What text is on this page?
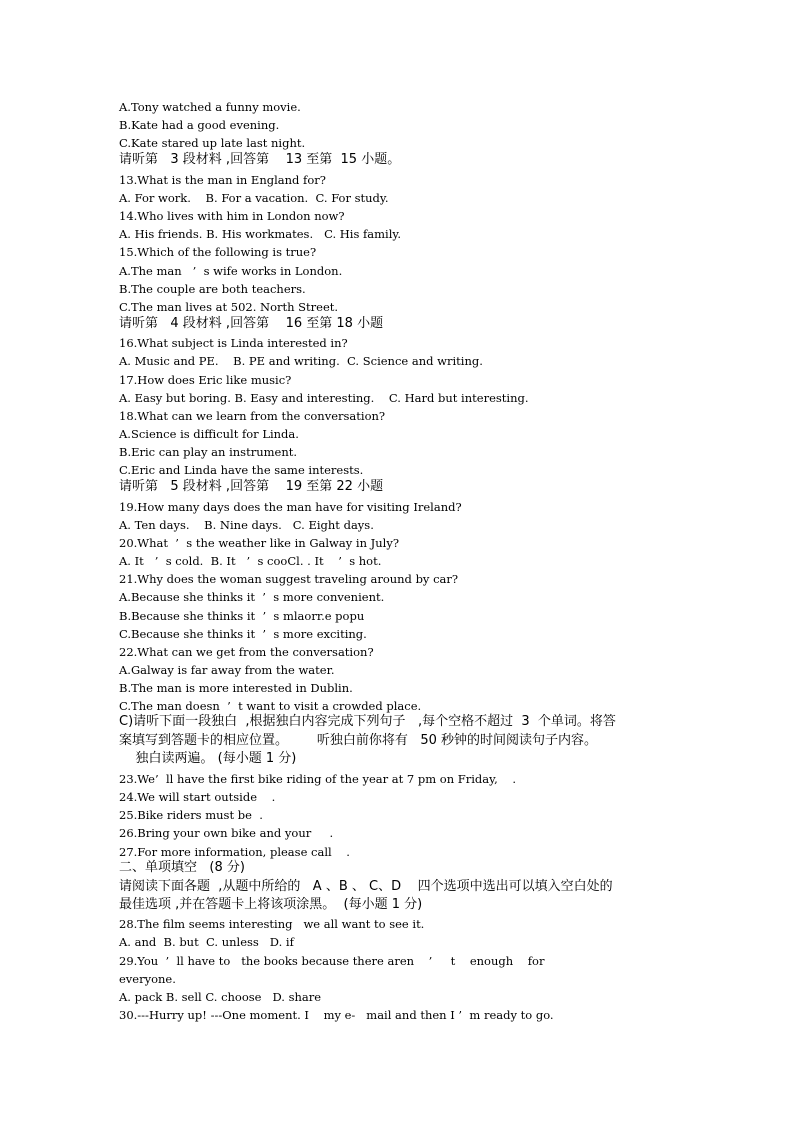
A.Tony watched a funny movie.
B.Kate had a good evening.
C.Kate stared up late last night.
请听第   3 段材料 ,回答第    13 至第  15 小题。
13.What is the man in England for?
A. For work.    B. For a vacation.  C. For study.
14.Who lives with him in London now?
A. His friends. B. His workmates.   C. His family.
15.Which of the following is true?
A.The man   ’  s wife works in London.
B.The couple are both teachers.
C.The man lives at 502. North Street.
请听第   4 段材料 ,回答第    16 至第 18 小题
16.What subject is Linda interested in?
A. Music and PE.    B. PE and writing.  C. Science and writing.
17.How does Eric like music?
A. Easy but boring. B. Easy and interesting.    C. Hard but interesting.
18.What can we learn from the conversation?
A.Science is difficult for Linda.
B.Eric can play an instrument.
C.Eric and Linda have the same interests.
请听第   5 段材料 ,回答第    19 至第 22 小题
19.How many days does the man have for visiting Ireland?
A. Ten days.    B. Nine days.   C. Eight days.
20.What  ’  s the weather like in Galway in July?
A. It   ’  s cold.  B. It   ’  s cooCl. . It    ’  s hot.
21.Why does the woman suggest traveling around by car?
A.Because she thinks it  ’  s more convenient.
B.Because she thinks it  ’  s mlaorr.e popu
C.Because she thinks it  ’  s more exciting.
22.What can we get from the conversation?
A.Galway is far away from the water.
B.The man is more interested in Dublin.
C.The man doesn  ’  t want to visit a crowded place.
C)请听下面一段独白  ,根据独白内容完成下列句子   ,每个空格不超过  3  个单词。将答
案填写到答题卡的相应位置。       听独白前你将有   50 秒钟的时间阅读句子内容。
独白读两遍。 (每小题 1 分)
23.We’  ll have the first bike riding of the year at 7 pm on Friday,    .
24.We will start outside    .
25.Bike riders must be  .
26.Bring your own bike and your     .
27.For more information, please call    .
二、单项填空   (8 分)
请阅读下面各题  ,从题中所给的   A 、B 、 C、D    四个选项中选出可以填入空白处的
最佳选项 ,并在答题卡上将该项涂黑。  (每小题 1 分)
28.The film seems interesting   we all want to see it.
A. and  B. but  C. unless   D. if
29.You  ’  ll have to   the books because there aren    ’     t    enough    for
everyone.
A. pack B. sell C. choose   D. share
30.---Hurry up! ---One moment. I    my e-   mail and then I ’  m ready to go.
